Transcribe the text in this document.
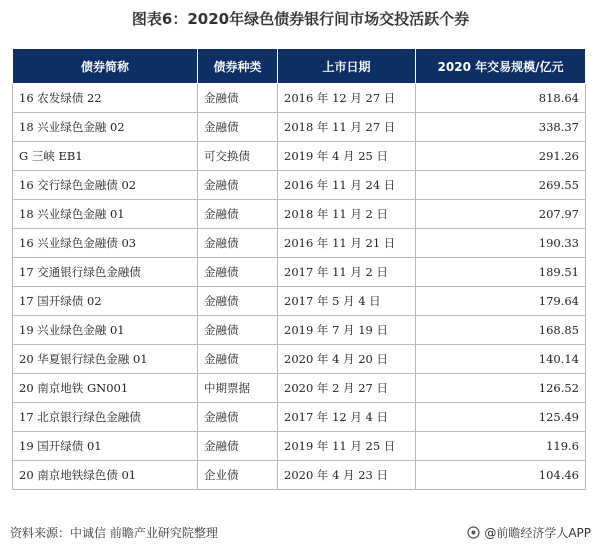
图表6：2020年绿色债券银行间市场交投活跃个券
债券简称	债券种类	上市日期	2020 年交易规模/亿元
16 农发绿债 22	金融债	2016 年 12 月 27 日	818.64
18 兴业绿色金融 02	金融债	2018 年 11 月 27 日	338.37
G 三峡 EB1	可交换债	2019 年 4 月 25 日	291.26
16 交行绿色金融债 02	金融债	2016 年 11 月 24 日	269.55
18 兴业绿色金融 01	金融债	2018 年 11 月 2 日	207.97
16 兴业绿色金融债 03	金融债	2016 年 11 月 21 日	190.33
17 交通银行绿色金融债	金融债	2017 年 11 月 2 日	189.51
17 国开绿债 02	金融债	2017 年 5 月 4 日	179.64
19 兴业绿色金融 01	金融债	2019 年 7 月 19 日	168.85
20 华夏银行绿色金融 01	金融债	2020 年 4 月 20 日	140.14
20 南京地铁 GN001	中期票据	2020 年 2 月 27 日	126.52
17 北京银行绿色金融债	金融债	2017 年 12 月 4 日	125.49
19 国开绿债 01	金融债	2019 年 11 月 25 日	119.6
20 南京地铁绿色债 01	企业债	2020 年 4 月 23 日	104.46
资料来源：中诚信 前瞻产业研究院整理	@前瞻经济学人APP
